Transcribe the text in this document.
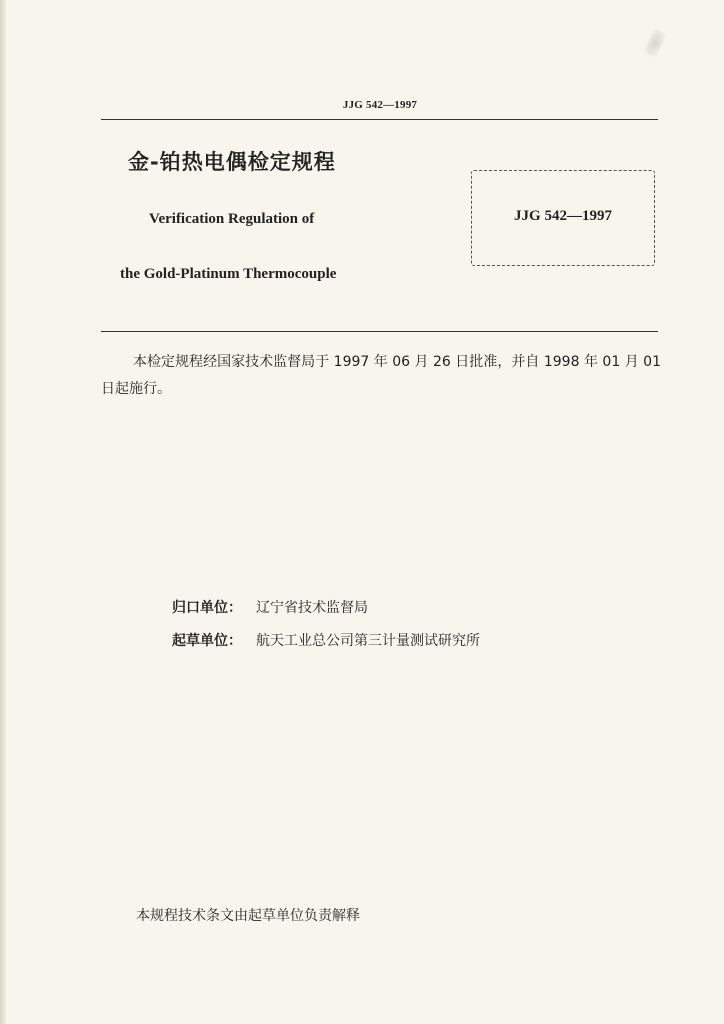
JJG 542—1997
金-铂热电偶检定规程
Verification Regulation of
the Gold-Platinum Thermocouple
JJG 542—1997
本检定规程经国家技术监督局于 1997 年 06 月 26 日批准，并自 1998 年 01 月 01 日起施行。
归口单位： 辽宁省技术监督局
起草单位： 航天工业总公司第三计量测试研究所
本规程技术条文由起草单位负责解释
